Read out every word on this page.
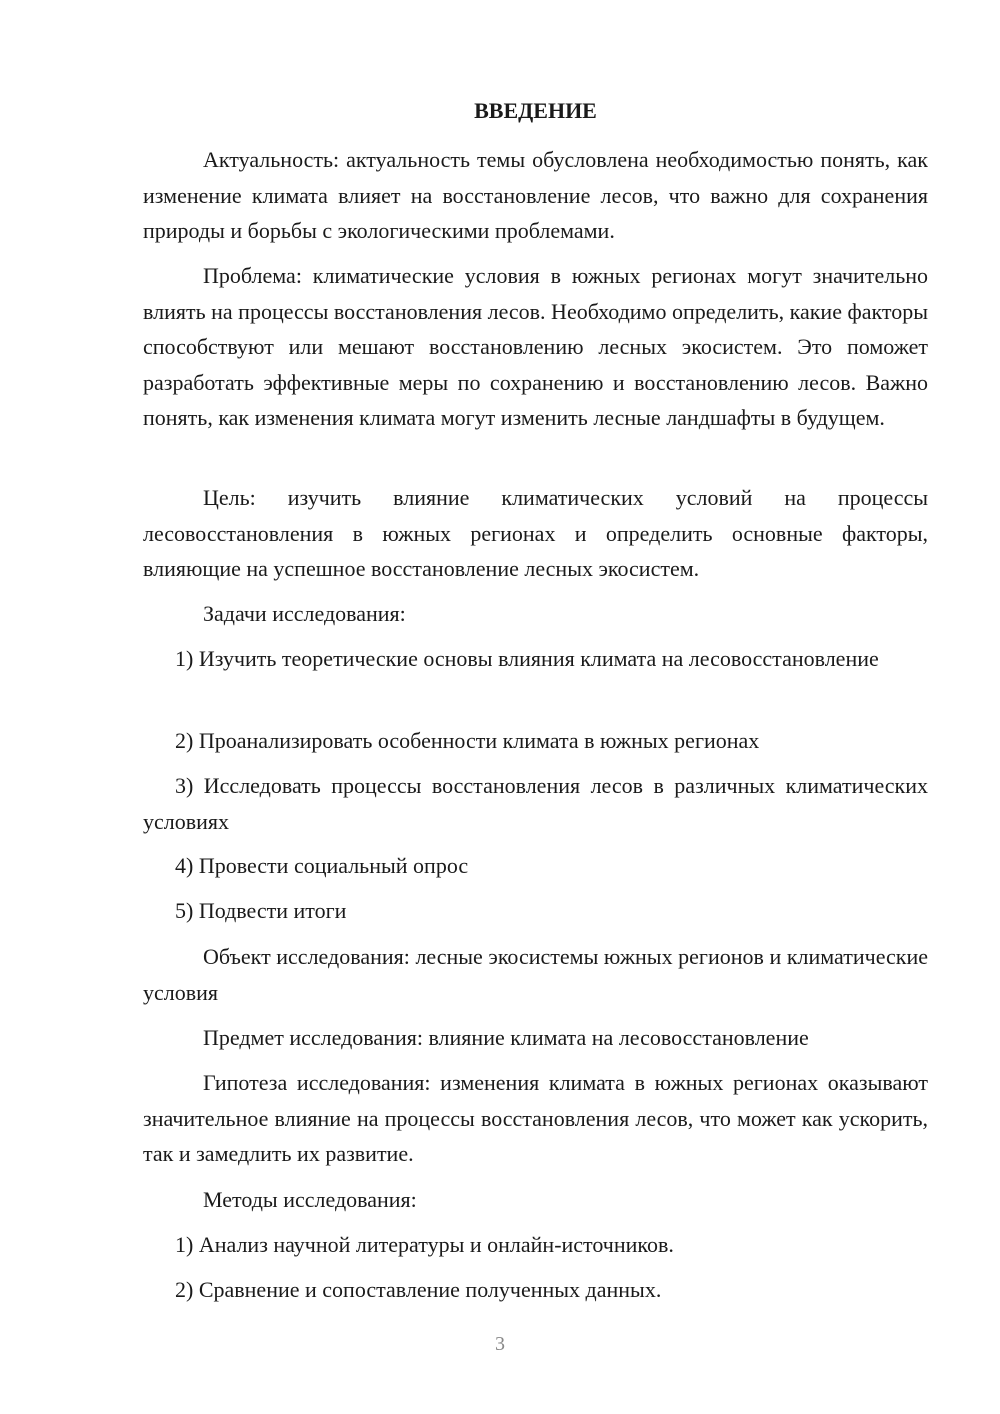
ВВЕДЕНИЕ

Актуальность: актуальность темы обусловлена необходимостью понять, как изменение климата влияет на восстановление лесов, что важно для сохранения природы и борьбы с экологическими проблемами.

Проблема: климатические условия в южных регионах могут значительно влиять на процессы восстановления лесов. Необходимо определить, какие факторы способствуют или мешают восстановлению лесных экосистем. Это поможет разработать эффективные меры по сохранению и восстановлению лесов. Важно понять, как изменения климата могут изменить лесные ландшафты в будущем.

Цель: изучить влияние климатических условий на процессы лесовосстановления в южных регионах и определить основные факторы, влияющие на успешное восстановление лесных экосистем.

Задачи исследования:

1) Изучить теоретические основы влияния климата на лесовосстановление

2) Проанализировать особенности климата в южных регионах

3) Исследовать процессы восстановления лесов в различных климатических условиях

4) Провести социальный опрос

5) Подвести итоги

Объект исследования: лесные экосистемы южных регионов и климатические условия

Предмет исследования: влияние климата на лесовосстановление

Гипотеза исследования: изменения климата в южных регионах оказывают значительное влияние на процессы восстановления лесов, что может как ускорить, так и замедлить их развитие.

Методы исследования:

1) Анализ научной литературы и онлайн-источников.

2) Сравнение и сопоставление полученных данных.

3
